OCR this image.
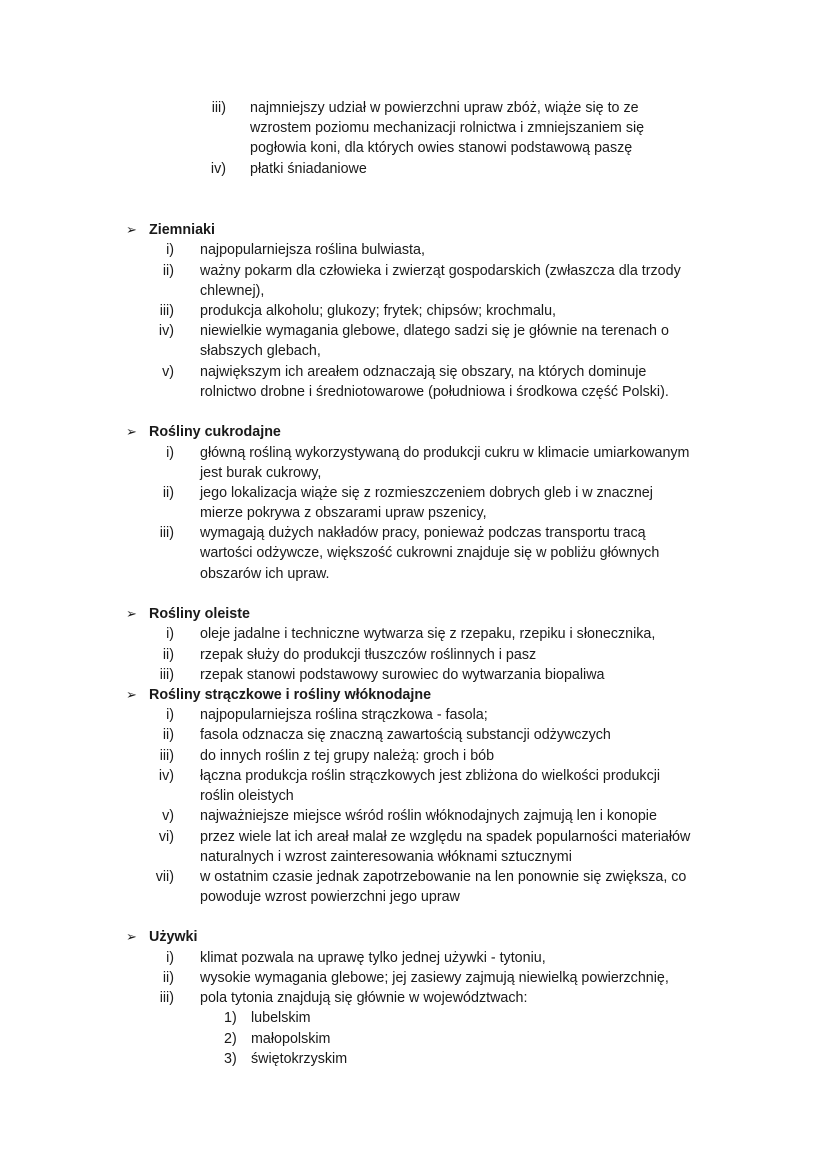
iii) najmniejszy udział w powierzchni upraw zbóż, wiąże się to ze
wzrostem poziomu mechanizacji rolnictwa i zmniejszaniem się
pogłowia koni, dla których owies stanowi podstawową paszę
iv) płatki śniadaniowe
➢ Ziemniaki
i) najpopularniejsza roślina bulwiasta,
ii) ważny pokarm dla człowieka i zwierząt gospodarskich (zwłaszcza dla trzody
chlewnej),
iii) produkcja alkoholu; glukozy; frytek; chipsów; krochmalu,
iv) niewielkie wymagania glebowe, dlatego sadzi się je głównie na terenach o
słabszych glebach,
v) największym ich areałem odznaczają się obszary, na których dominuje
rolnictwo drobne i średniotowarowe (południowa i środkowa część Polski).
➢ Rośliny cukrodajne
i) główną rośliną wykorzystywaną do produkcji cukru w klimacie umiarkowanym
jest burak cukrowy,
ii) jego lokalizacja wiąże się z rozmieszczeniem dobrych gleb i w znacznej
mierze pokrywa z obszarami upraw pszenicy,
iii) wymagają dużych nakładów pracy, ponieważ podczas transportu tracą
wartości odżywcze, większość cukrowni znajduje się w pobliżu głównych
obszarów ich upraw.
➢ Rośliny oleiste
i) oleje jadalne i techniczne wytwarza się z rzepaku, rzepiku i słonecznika,
ii) rzepak służy do produkcji tłuszczów roślinnych i pasz
iii) rzepak stanowi podstawowy surowiec do wytwarzania biopaliwa
➢ Rośliny strączkowe i rośliny włóknodajne
i) najpopularniejsza roślina strączkowa - fasola;
ii) fasola odznacza się znaczną zawartością substancji odżywczych
iii) do innych roślin z tej grupy należą: groch i bób
iv) łączna produkcja roślin strączkowych jest zbliżona do wielkości produkcji
roślin oleistych
v) najważniejsze miejsce wśród roślin włóknodajnych zajmują len i konopie
vi) przez wiele lat ich areał malał ze względu na spadek popularności materiałów
naturalnych i wzrost zainteresowania włóknami sztucznymi
vii) w ostatnim czasie jednak zapotrzebowanie na len ponownie się zwiększa, co
powoduje wzrost powierzchni jego upraw
➢ Używki
i) klimat pozwala na uprawę tylko jednej używki - tytoniu,
ii) wysokie wymagania glebowe; jej zasiewy zajmują niewielką powierzchnię,
iii) pola tytonia znajdują się głównie w województwach:
1) lubelskim
2) małopolskim
3) świętokrzyskim
